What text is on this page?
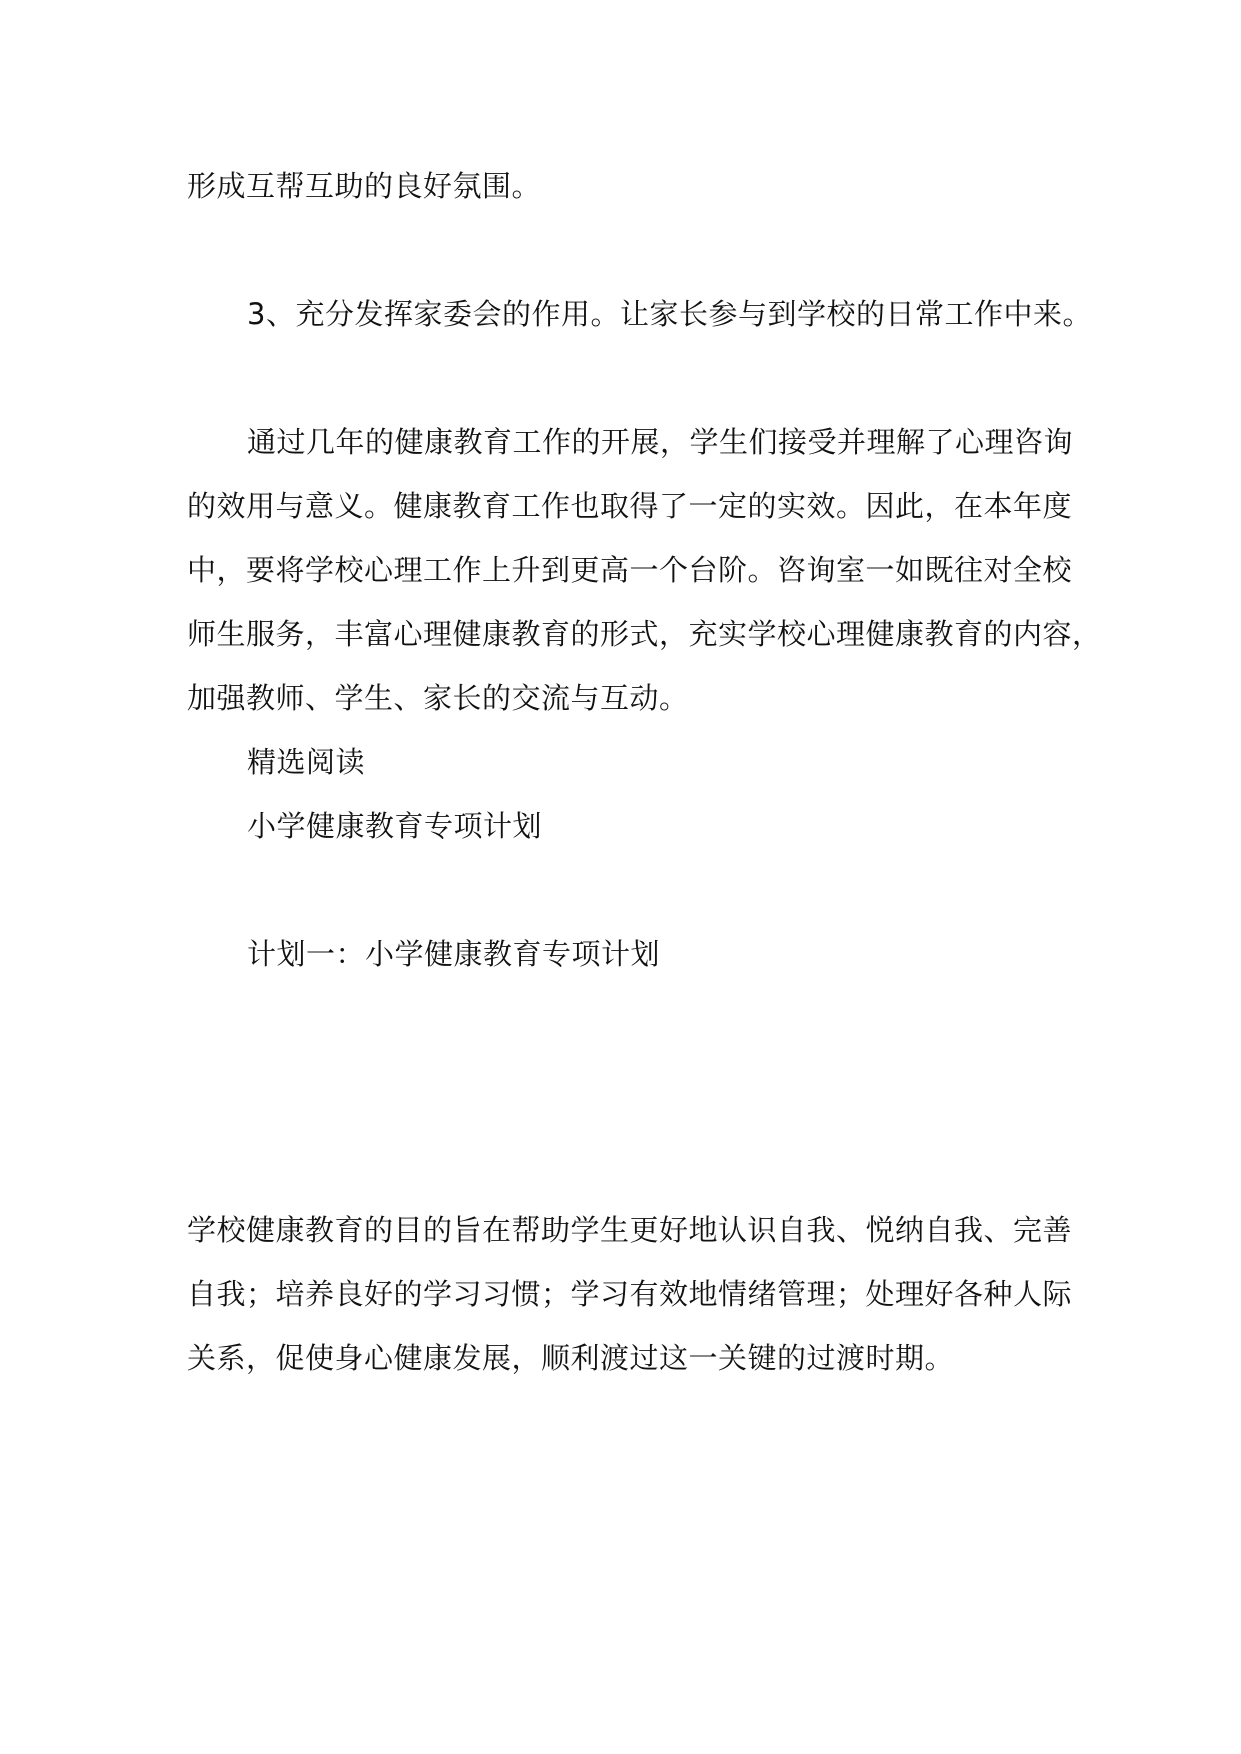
形成互帮互助的良好氛围。
3、充分发挥家委会的作用。让家长参与到学校的日常工作中来。
通过几年的健康教育工作的开展，学生们接受并理解了心理咨询
的效用与意义。健康教育工作也取得了一定的实效。因此，在本年度
中，要将学校心理工作上升到更高一个台阶。咨询室一如既往对全校
师生服务，丰富心理健康教育的形式，充实学校心理健康教育的内容，
加强教师、学生、家长的交流与互动。
精选阅读
小学健康教育专项计划
计划一：小学健康教育专项计划
学校健康教育的目的旨在帮助学生更好地认识自我、悦纳自我、完善
自我；培养良好的学习习惯；学习有效地情绪管理；处理好各种人际
关系，促使身心健康发展，顺利渡过这一关键的过渡时期。
